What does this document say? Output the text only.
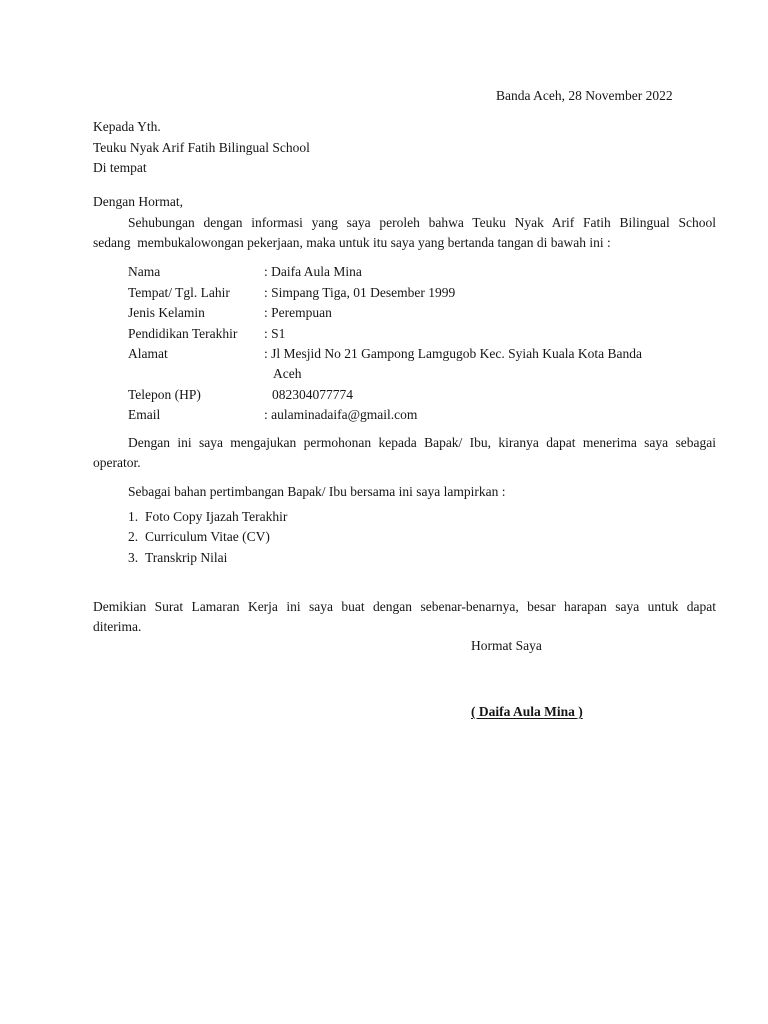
Banda Aceh, 28 November 2022
Kepada Yth.
Teuku Nyak Arif Fatih Bilingual School
Di tempat
Dengan Hormat,
Sehubungan dengan informasi yang saya peroleh bahwa Teuku Nyak Arif Fatih Bilingual School
sedang  membukalowongan pekerjaan, maka untuk itu saya yang bertanda tangan di bawah ini :
Nama	: Daifa Aula Mina
Tempat/ Tgl. Lahir	: Simpang Tiga, 01 Desember 1999
Jenis Kelamin	: Perempuan
Pendidikan Terakhir : S1
Alamat	: Jl Mesjid No 21 Gampong Lamgugob Kec. Syiah Kuala Kota Banda
Aceh
Telepon (HP)	082304077774
Email	: aulaminadaifa@gmail.com
Dengan ini saya mengajukan permohonan kepada Bapak/ Ibu, kiranya dapat menerima saya sebagai
operator.
Sebagai bahan pertimbangan Bapak/ Ibu bersama ini saya lampirkan :
1. Foto Copy Ijazah Terakhir
2. Curriculum Vitae (CV)
3. Transkrip Nilai
Demikian Surat Lamaran Kerja ini saya buat dengan sebenar-benarnya, besar harapan saya untuk dapat
diterima.
Hormat Saya
( Daifa Aula Mina )
